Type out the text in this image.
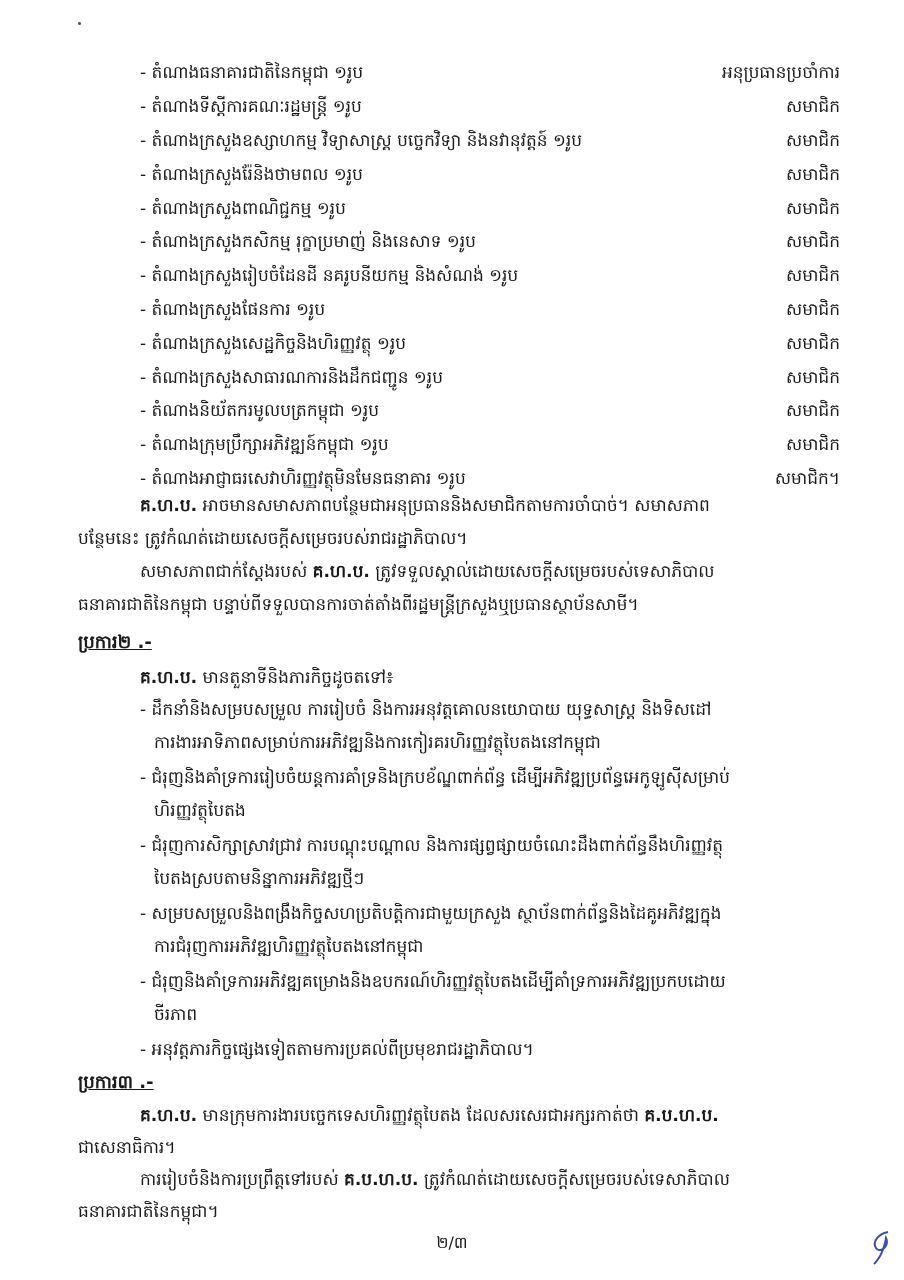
- តំណាងធនាគារជាតិនៃកម្ពុជា ១រូប	អនុប្រធានប្រចាំការ
- តំណាងទីស្ដីការគណៈរដ្ឋមន្ត្រី ១រូប	សមាជិក
- តំណាងក្រសួងឧស្សាហកម្ម វិទ្យាសាស្ត្រ បច្ចេកវិទ្យា និងនវានុវត្តន៍ ១រូប	សមាជិក
- តំណាងក្រសួងរ៉ែនិងថាមពល ១រូប	សមាជិក
- តំណាងក្រសួងពាណិជ្ជកម្ម ១រូប	សមាជិក
- តំណាងក្រសួងកសិកម្ម រុក្ខាប្រមាញ់ និងនេសាទ ១រូប	សមាជិក
- តំណាងក្រសួងរៀបចំដែនដី នគរូបនីយកម្ម និងសំណង់ ១រូប	សមាជិក
- តំណាងក្រសួងផែនការ ១រូប	សមាជិក
- តំណាងក្រសួងសេដ្ឋកិច្ចនិងហិរញ្ញវត្ថុ ១រូប	សមាជិក
- តំណាងក្រសួងសាធារណការនិងដឹកជញ្ជូន ១រូប	សមាជិក
- តំណាងនិយ័តករមូលបត្រកម្ពុជា ១រូប	សមាជិក
- តំណាងក្រុមប្រឹក្សាអភិវឌ្ឍន៍កម្ពុជា ១រូប	សមាជិក
- តំណាងអាជ្ញាធរសេវាហិរញ្ញវត្ថុមិនមែនធនាគារ ១រូប	សមាជិក។
គ.ហ.ប. អាចមានសមាសភាពបន្ថែមជាអនុប្រធាននិងសមាជិកតាមការចាំបាច់។ សមាសភាព
បន្ថែមនេះ ត្រូវកំណត់ដោយសេចក្ដីសម្រេចរបស់រាជរដ្ឋាភិបាល។
សមាសភាពជាក់ស្ដែងរបស់ គ.ហ.ប. ត្រូវទទួលស្គាល់ដោយសេចក្ដីសម្រេចរបស់ទេសាភិបាល
ធនាគារជាតិនៃកម្ពុជា បន្ទាប់ពីទទួលបានការចាត់តាំងពីរដ្ឋមន្ត្រីក្រសួងឬប្រធានស្ថាប័នសាមី។
ប្រការ២ .-
គ.ហ.ប. មានតួនាទីនិងភារកិច្ចដូចតទៅ៖
- ដឹកនាំនិងសម្របសម្រួល ការរៀបចំ និងការអនុវត្តគោលនយោបាយ យុទ្ធសាស្ត្រ និងទិសដៅ
ការងារអាទិភាពសម្រាប់ការអភិវឌ្ឍនិងការកៀរគរហិរញ្ញវត្ថុបៃតងនៅកម្ពុជា
- ជំរុញនិងគាំទ្រការរៀបចំយន្តការគាំទ្រនិងក្របខ័ណ្ឌពាក់ព័ន្ធ ដើម្បីអភិវឌ្ឍប្រព័ន្ធអេកូឡូស៊ីសម្រាប់
ហិរញ្ញវត្ថុបៃតង
- ជំរុញការសិក្សាស្រាវជ្រាវ ការបណ្ដុះបណ្ដាល និងការផ្សព្វផ្សាយចំណេះដឹងពាក់ព័ន្ធនឹងហិរញ្ញវត្ថុ
បៃតងស្របតាមនិន្នាការអភិវឌ្ឍថ្មីៗ
- សម្របសម្រួលនិងពង្រឹងកិច្ចសហប្រតិបត្តិការជាមួយក្រសួង ស្ថាប័នពាក់ព័ន្ធនិងដៃគូអភិវឌ្ឍក្នុង
ការជំរុញការអភិវឌ្ឍហិរញ្ញវត្ថុបៃតងនៅកម្ពុជា
- ជំរុញនិងគាំទ្រការអភិវឌ្ឍគម្រោងនិងឧបករណ៍ហិរញ្ញវត្ថុបៃតងដើម្បីគាំទ្រការអភិវឌ្ឍប្រកបដោយ
ចីរភាព
- អនុវត្តភារកិច្ចផ្សេងទៀតតាមការប្រគល់ពីប្រមុខរាជរដ្ឋាភិបាល។
ប្រការ៣ .-
គ.ហ.ប. មានក្រុមការងារបច្ចេកទេសហិរញ្ញវត្ថុបៃតង ដែលសរសេរជាអក្សរកាត់ថា គ.ប.ហ.ប.
ជាសេនាធិការ។
ការរៀបចំនិងការប្រព្រឹត្តទៅរបស់ គ.ប.ហ.ប. ត្រូវកំណត់ដោយសេចក្ដីសម្រេចរបស់ទេសាភិបាល
ធនាគារជាតិនៃកម្ពុជា។
២/៣
